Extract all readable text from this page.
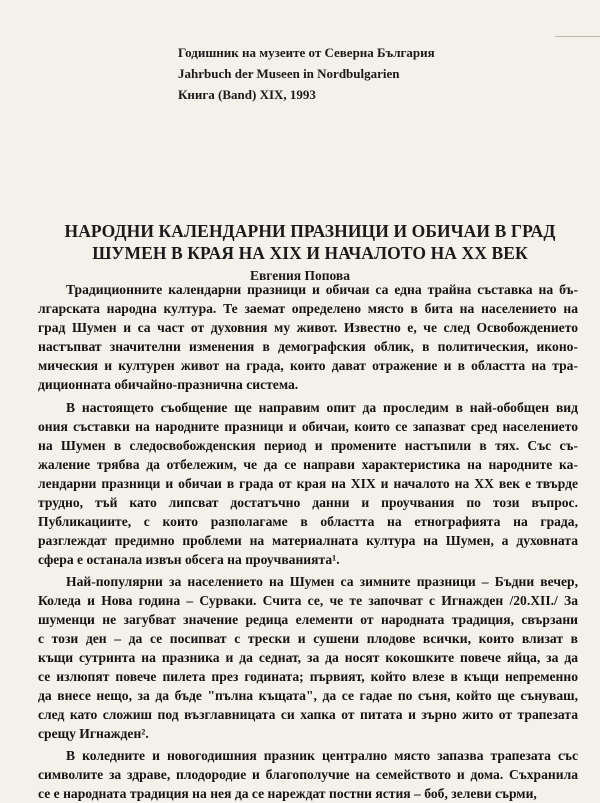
Годишник на музеите от Северна България
Jahrbuch der Museen in Nordbulgarien
Книга (Band) XIX, 1993
НАРОДНИ КАЛЕНДАРНИ ПРАЗНИЦИ И ОБИЧАИ В ГРАД
ШУМЕН В КРАЯ НА XIX И НАЧАЛОТО НА XX ВЕК
Евгения Попова
Традиционните календарни празници и обичаи са една трайна съставка на бъ-
лгарската народна култура. Те заемат определено място в бита на населението на
град Шумен и са част от духовния му живот. Известно е, че след Освобождението
настъпват значителни изменения в демографския облик, в политическия, иконо-
мическия и културен живот на града, които дават отражение и в областта на тра-
диционната обичайно-празнична система.
В настоящето съобщение ще направим опит да проследим в най-обобщен вид
ония съставки на народните празници и обичаи, които се запазват сред населението
на Шумен в следосвобожденския период и промените настъпили в тях. Със съ-
жаление трябва да отбележим, че да се направи характеристика на народните ка-
лендарни празници и обичаи в града от края на XIX и началото на XX век е твърде
трудно, тъй като липсват достатъчно данни и проучвания по този въпрос.
Публикациите, с които разполагаме в областта на етнографията на града,
разглеждат предимно проблеми на материалната култура на Шумен, а духовната
сфера е останала извън обсега на проучванията¹.
Най-популярни за населението на Шумен са зимните празници – Бъдни вечер,
Коледа и Нова година – Сурваки. Счита се, че те започват с Игнажден /20.XII./ За
шуменци не загубват значение редица елементи от народната традиция, свързани
с този ден – да се посипват с трески и сушени плодове всички, които влизат в
къщи сутринта на празника и да седнат, за да носят кокошките повече яйца, за да
се излюпят повече пилета през годината; първият, който влезе в къщи непременно
да внесе нещо, за да бъде "пълна къщата", да се гадае по съня, който ще сънуваш,
след като сложиш под възглавницата си хапка от питата и зърно жито от трапезата
срещу Игнажден².
В коледните и новогодишния празник централно място запазва трапезата със
символите за здраве, плодородие и благополучие на семейството и дома. Съхранила
се е народната традиция на нея да се нареждат постни ястия – боб, зелеви сърми,
